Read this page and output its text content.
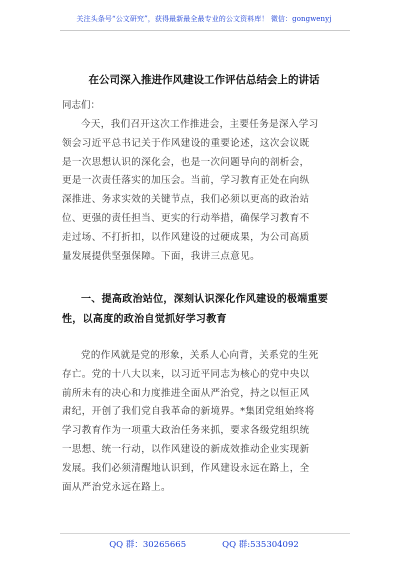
关注头条号“公文研究”，获得最新最全最专业的公文资料库！ 微信：gongwenyj
在公司深入推进作风建设工作评估总结会上的讲话
同志们：

今天，我们召开这次工作推进会，主要任务是深入学习

领会习近平总书记关于作风建设的重要论述，这次会议既

是一次思想认识的深化会，也是一次问题导向的剖析会，

更是一次责任落实的加压会。当前，学习教育正处在向纵

深推进、务求实效的关键节点，我们必须以更高的政治站

位、更强的责任担当、更实的行动举措，确保学习教育不

走过场、不打折扣，以作风建设的过硬成果，为公司高质

量发展提供坚强保障。下面，我讲三点意见。

一、提高政治站位，深刻认识深化作风建设的极端重要

性，以高度的政治自觉抓好学习教育

党的作风就是党的形象，关系人心向背，关系党的生死

存亡。党的十八大以来，以习近平同志为核心的党中央以

前所未有的决心和力度推进全面从严治党，持之以恒正风

肃纪，开创了我们党自我革命的新境界。*集团党组始终将

学习教育作为一项重大政治任务来抓，要求各级党组织统

一思想、统一行动，以作风建设的新成效推动企业实现新

发展。我们必须清醒地认识到，作风建设永远在路上，全

面从严治党永远在路上。

QQ 群：30265665	QQ 群:535304092
